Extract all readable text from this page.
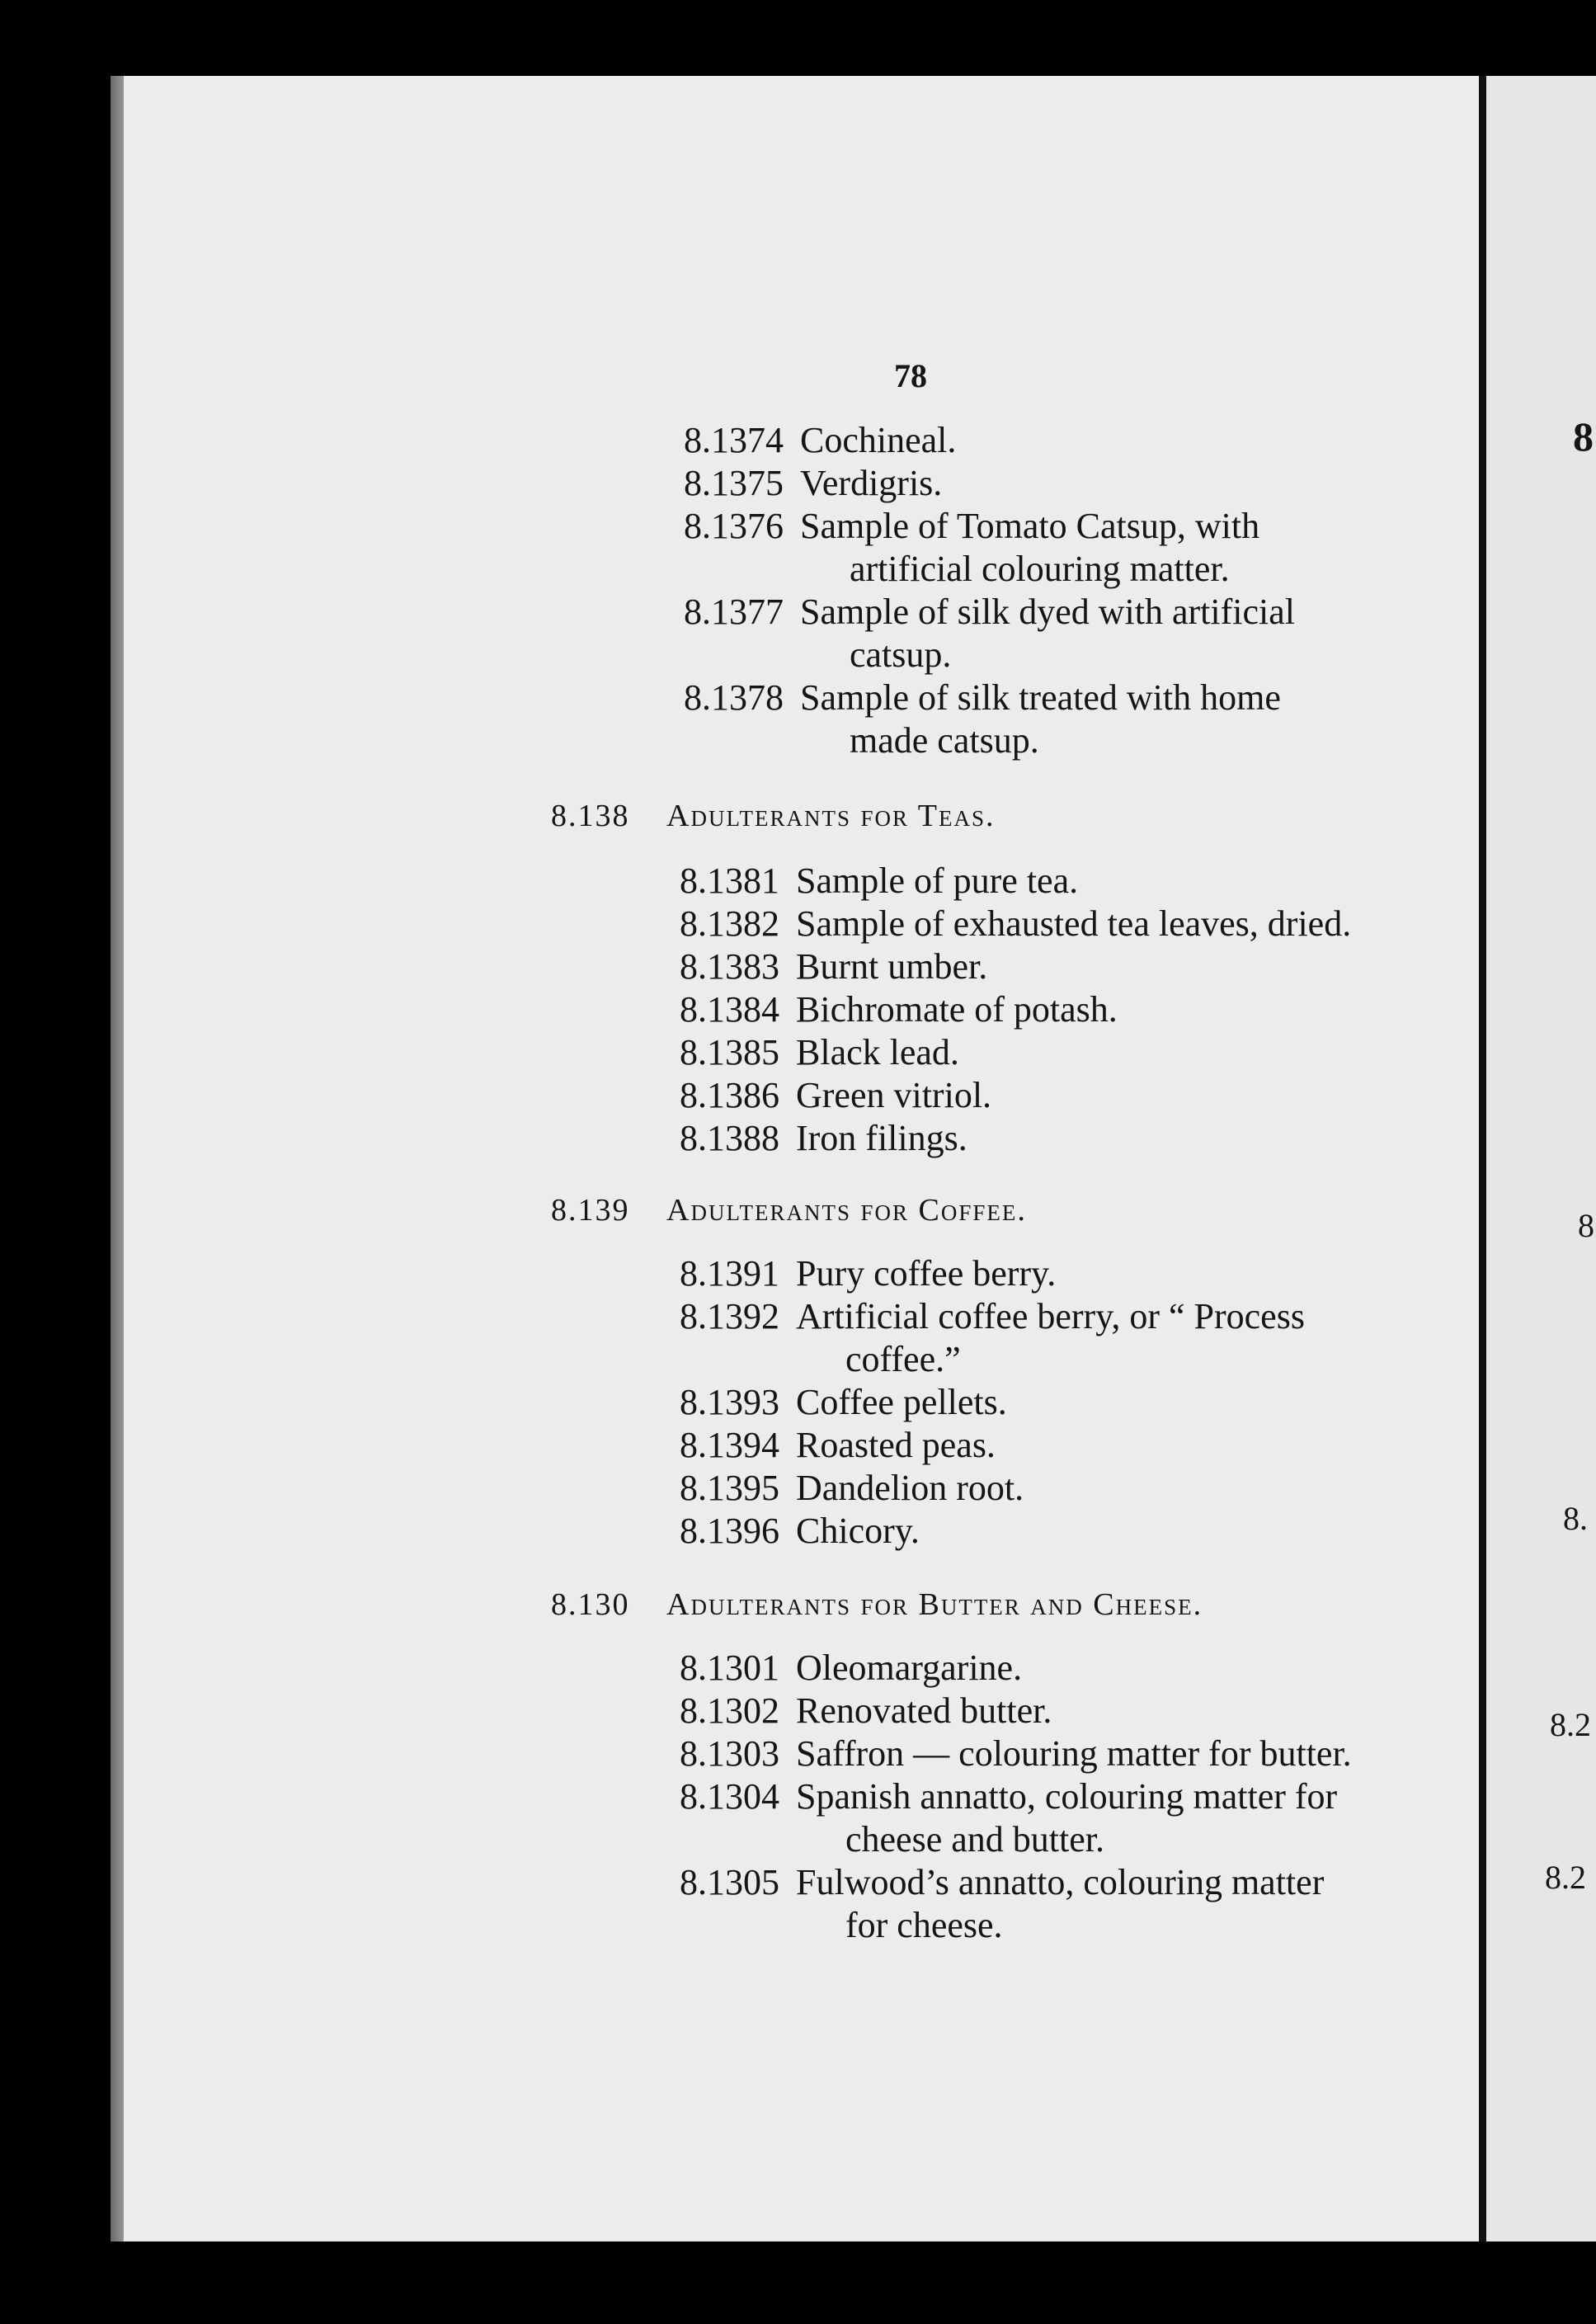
8
8
8.
8.2
8.2
78
8.1374 Cochineal.
8.1375 Verdigris.
8.1376 Sample of Tomato Catsup, with
artificial colouring matter.
8.1377 Sample of silk dyed with artificial
catsup.
8.1378 Sample of silk treated with home
made catsup.
8.138 Adulterants for Teas.
8.1381 Sample of pure tea.
8.1382 Sample of exhausted tea leaves, dried.
8.1383 Burnt umber.
8.1384 Bichromate of potash.
8.1385 Black lead.
8.1386 Green vitriol.
8.1388 Iron filings.
8.139 Adulterants for Coffee.
8.1391 Pury coffee berry.
8.1392 Artificial coffee berry, or “ Process
coffee.”
8.1393 Coffee pellets.
8.1394 Roasted peas.
8.1395 Dandelion root.
8.1396 Chicory.
8.130 Adulterants for Butter and Cheese.
8.1301 Oleomargarine.
8.1302 Renovated butter.
8.1303 Saffron — colouring matter for butter.
8.1304 Spanish annatto, colouring matter for
cheese and butter.
8.1305 Fulwood’s annatto, colouring matter
for cheese.
